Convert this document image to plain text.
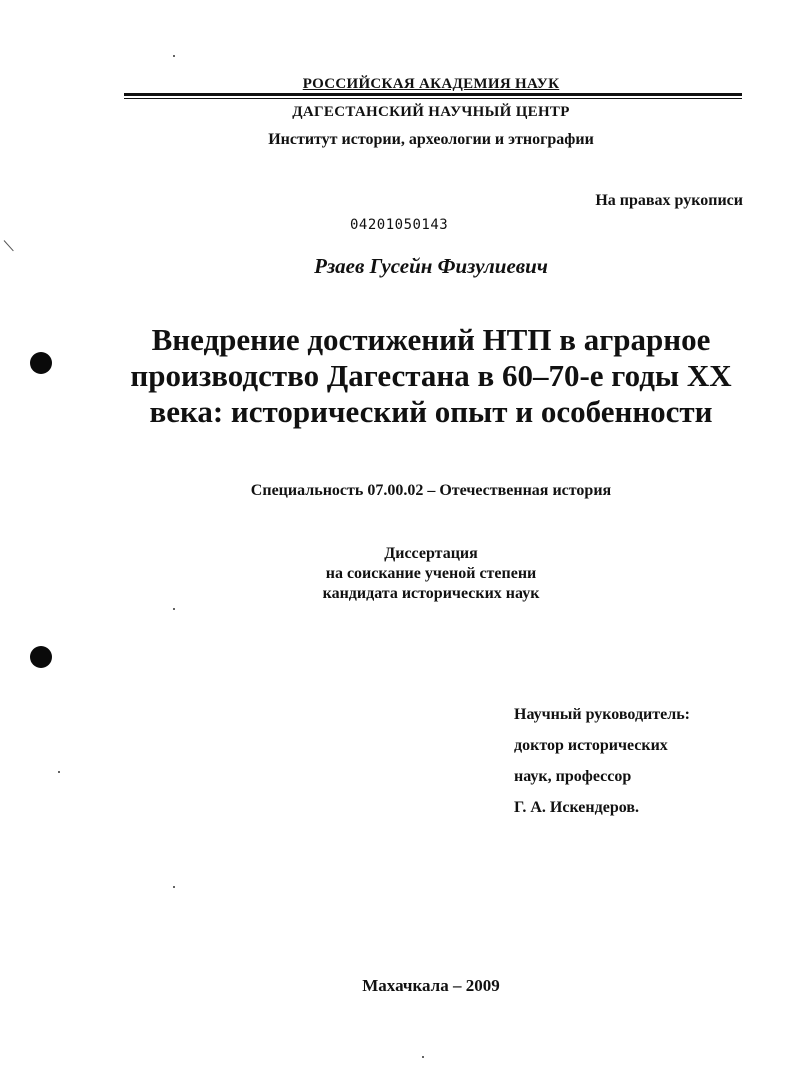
РОССИЙСКАЯ АКАДЕМИЯ НАУК
ДАГЕСТАНСКИЙ НАУЧНЫЙ ЦЕНТР
Институт истории, археологии и этнографии
На правах рукописи
04201050143
Рзаев Гусейн Физулиевич
Внедрение достижений НТП в аграрное
производство Дагестана в 60–70-е годы XX
века: исторический опыт и особенности
Специальность 07.00.02 – Отечественная история
Диссертация
на соискание ученой степени
кандидата исторических наук
Научный руководитель:
доктор исторических
наук, профессор
Г. А. Искендеров.
Махачкала – 2009
